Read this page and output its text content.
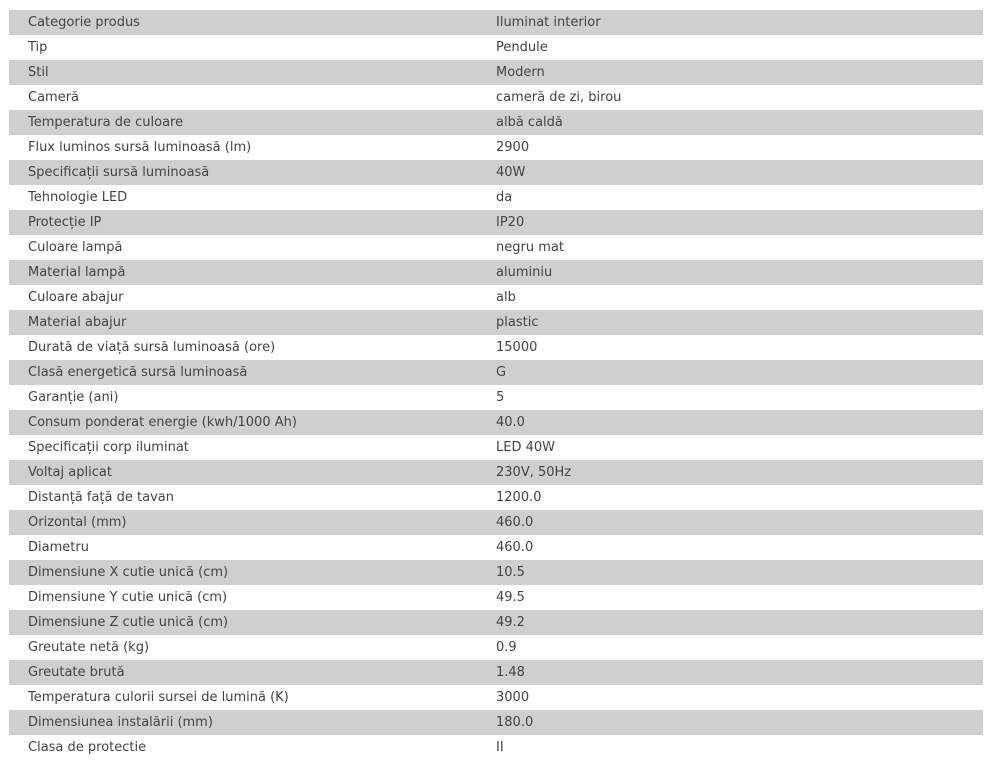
Categorie produs	Iluminat interior
Tip	Pendule
Stil	Modern
Cameră	cameră de zi, birou
Temperatura de culoare	albă caldă
Flux luminos sursă luminoasă (lm)	2900
Specificații sursă luminoasă	40W
Tehnologie LED	da
Protecție IP	IP20
Culoare lampă	negru mat
Material lampă	aluminiu
Culoare abajur	alb
Material abajur	plastic
Durată de viață sursă luminoasă (ore)	15000
Clasă energetică sursă luminoasă	G
Garanție (ani)	5
Consum ponderat energie (kwh/1000 Ah)	40.0
Specificații corp iluminat	LED 40W
Voltaj aplicat	230V, 50Hz
Distanță față de tavan	1200.0
Orizontal (mm)	460.0
Diametru	460.0
Dimensiune X cutie unică (cm)	10.5
Dimensiune Y cutie unică (cm)	49.5
Dimensiune Z cutie unică (cm)	49.2
Greutate netă (kg)	0.9
Greutate brută	1.48
Temperatura culorii sursei de lumină (K)	3000
Dimensiunea instalării (mm)	180.0
Clasa de protectie	II
